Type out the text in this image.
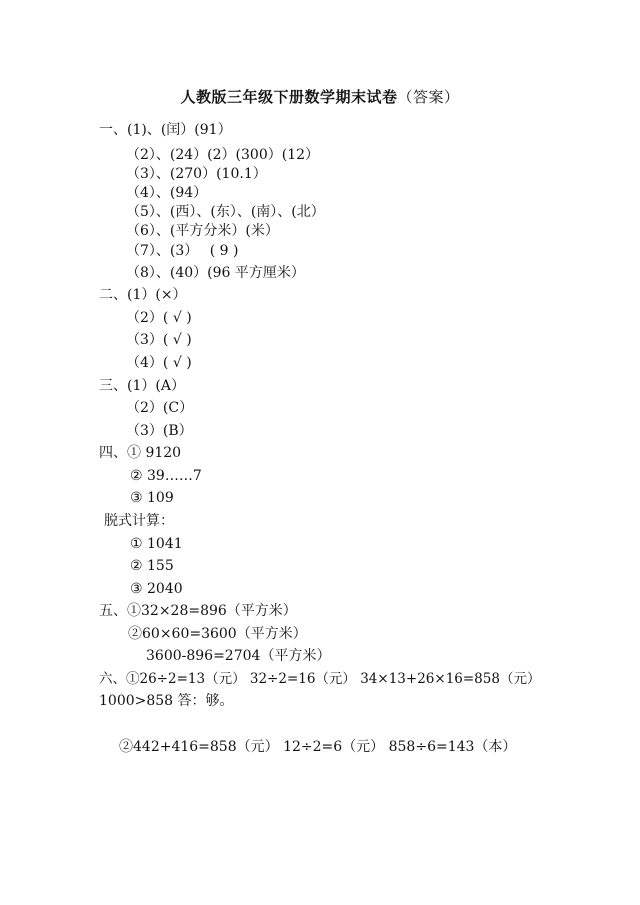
人教版三年级下册数学期末试卷（答案）
一、(1)、(闰）(91）
（2）、(24）(2）(300）(12）
（3）、(270）(10.1）
（4）、(94）
（5）、(西）、(东）、(南）、(北）
（6）、(平方分米）(米）
（7）、(3）　 ( 9 )
（8）、(40）(96 平方厘米）
二、(1）(×）
（2）( √ )
（3）( √ )
（4）( √ )
三、(1）(A）
（2）(C）
（3）(B）
四、① 9120
② 39……7
③ 109
脱式计算：
① 1041
② 155
③ 2040
五、①32×28=896（平方米）
②60×60=3600（平方米）
3600-896=2704（平方米）
六、①26÷2=13（元） 32÷2=16（元） 34×13+26×16=858（元）
1000>858 答：够。
②442+416=858（元） 12÷2=6（元） 858÷6=143（本）
